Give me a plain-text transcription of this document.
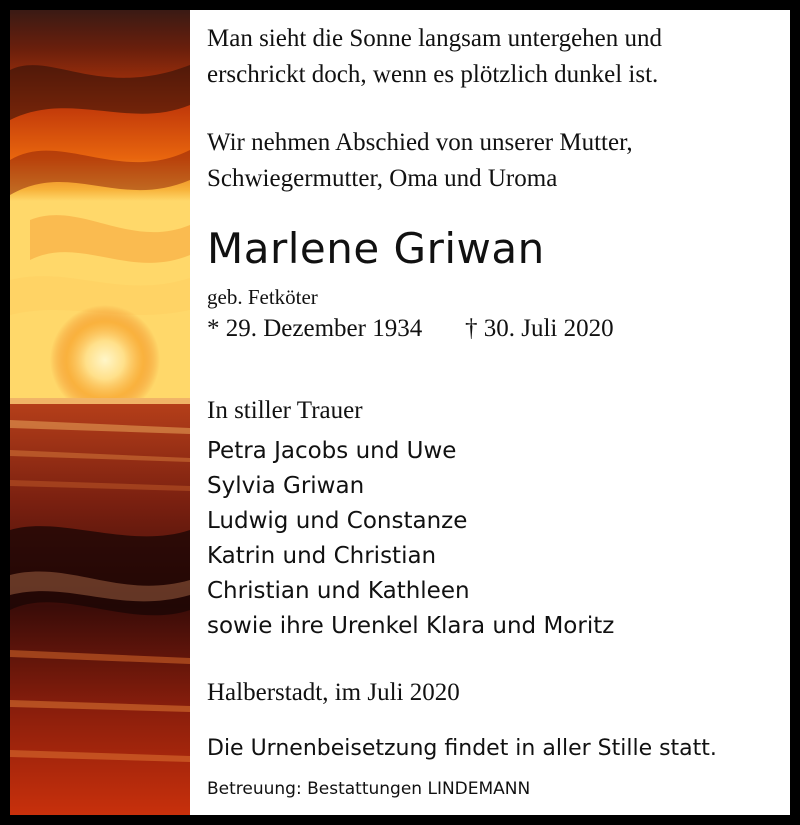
Man sieht die Sonne langsam untergehen und
erschrickt doch, wenn es plötzlich dunkel ist.
Wir nehmen Abschied von unserer Mutter,
Schwiegermutter, Oma und Uroma
Marlene Griwan
geb. Fetköter
* 29. Dezember 1934 † 30. Juli 2020
In stiller Trauer
Petra Jacobs und Uwe
Sylvia Griwan
Ludwig und Constanze
Katrin und Christian
Christian und Kathleen
sowie ihre Urenkel Klara und Moritz
Halberstadt, im Juli 2020
Die Urnenbeisetzung findet in aller Stille statt.
Betreuung: Bestattungen LINDEMANN
